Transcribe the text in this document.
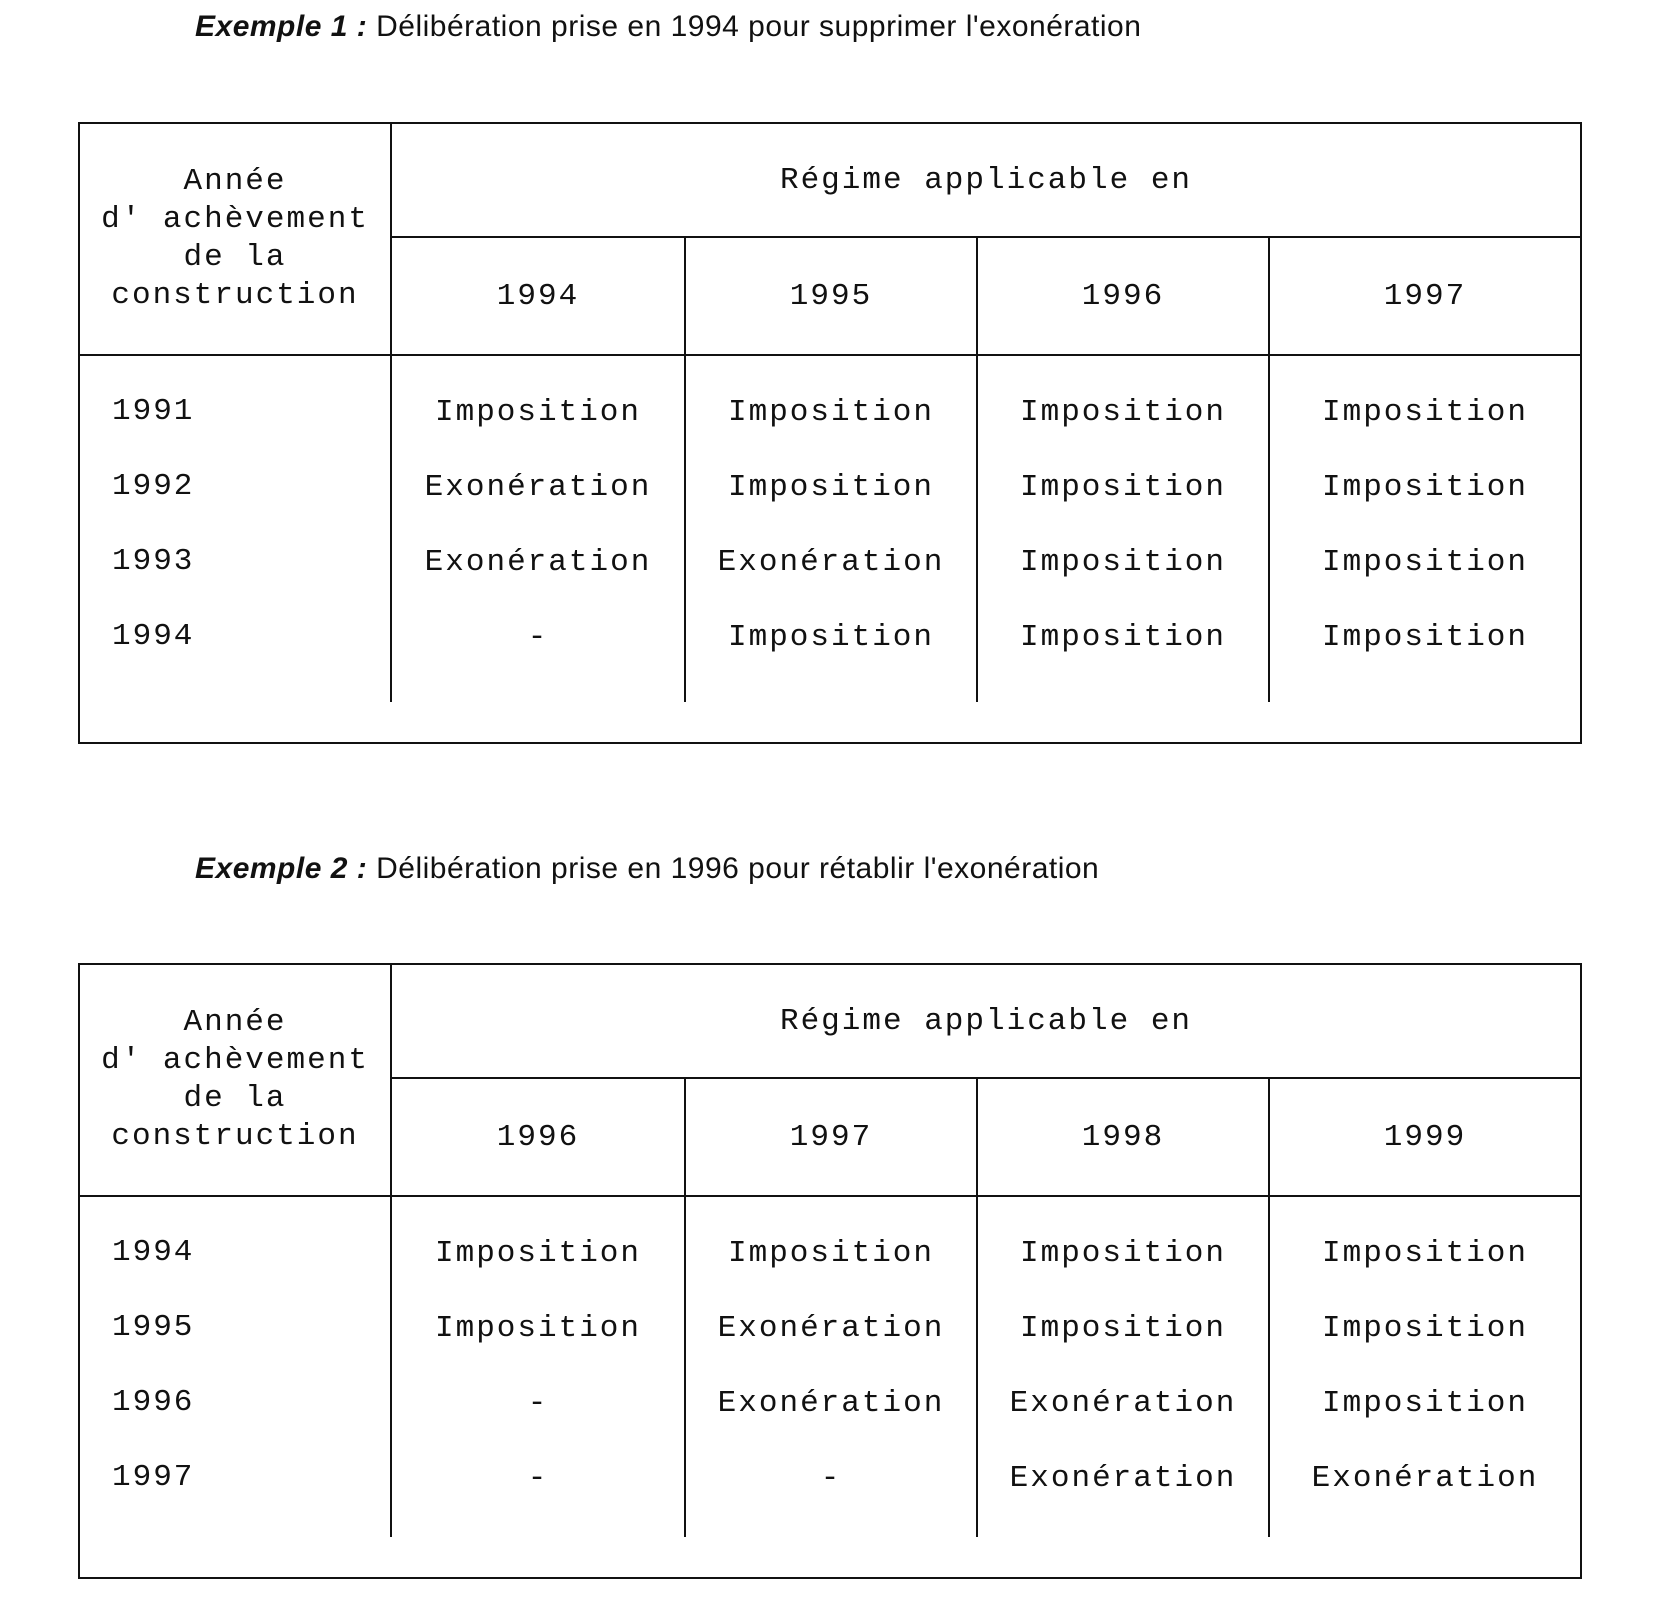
Exemple 1 : Délibération prise en 1994 pour supprimer l'exonération
Année
d' achèvement
de la
construction
Régime applicable en
1994	1995	1996	1997
1991	Imposition	Imposition	Imposition	Imposition
1992	Exonération	Imposition	Imposition	Imposition
1993	Exonération	Exonération	Imposition	Imposition
1994	-	Imposition	Imposition	Imposition
Exemple 2 : Délibération prise en 1996 pour rétablir l'exonération
Année
d' achèvement
de la
construction
Régime applicable en
1996	1997	1998	1999
1994	Imposition	Imposition	Imposition	Imposition
1995	Imposition	Exonération	Imposition	Imposition
1996	-	Exonération	Exonération	Imposition
1997	-	-	Exonération	Exonération
